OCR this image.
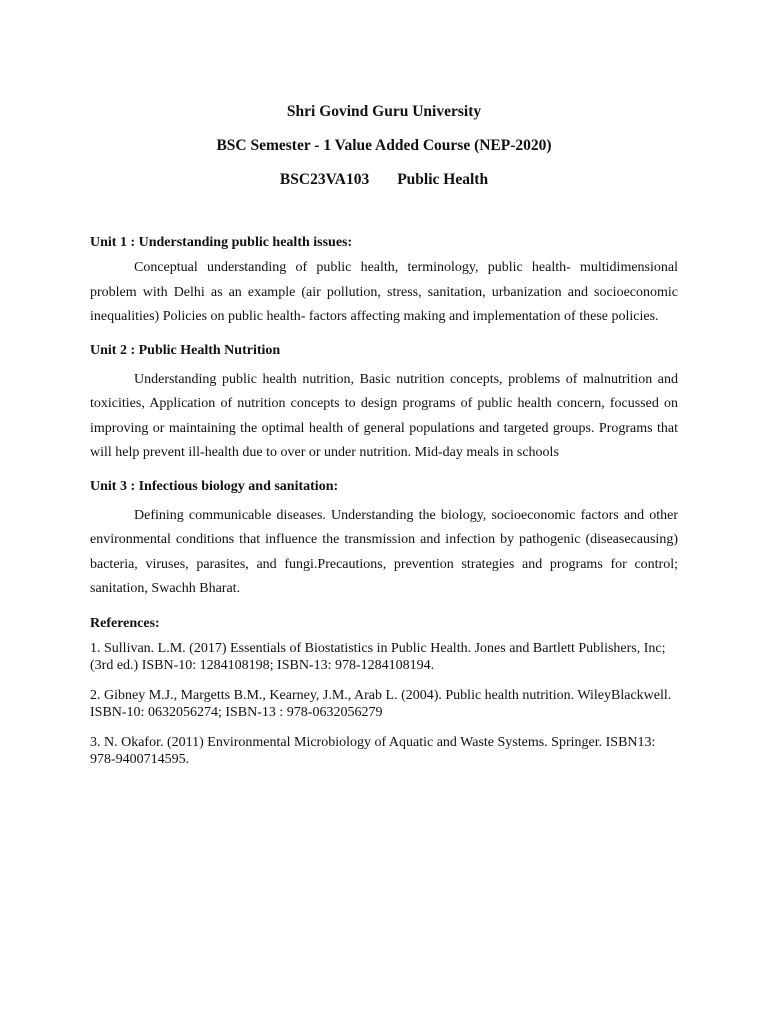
Shri Govind Guru University
BSC Semester - 1 Value Added Course (NEP-2020)
BSC23VA103 Public Health
Unit 1 : Understanding public health issues:

Conceptual understanding of public health, terminology, public health- multidimensional problem with Delhi as an example (air pollution, stress, sanitation, urbanization and socioeconomic inequalities) Policies on public health- factors affecting making and implementation of these policies.

Unit 2 : Public Health Nutrition

Understanding public health nutrition, Basic nutrition concepts, problems of malnutrition and toxicities, Application of nutrition concepts to design programs of public health concern, focussed on improving or maintaining the optimal health of general populations and targeted groups. Programs that will help prevent ill-health due to over or under nutrition. Mid-day meals in schools

Unit 3 : Infectious biology and sanitation:

Defining communicable diseases. Understanding the biology, socioeconomic factors and other environmental conditions that influence the transmission and infection by pathogenic (diseasecausing) bacteria, viruses, parasites, and fungi.Precautions, prevention strategies and programs for control; sanitation, Swachh Bharat.

References:

1. Sullivan. L.M. (2017) Essentials of Biostatistics in Public Health. Jones and Bartlett Publishers, Inc; (3rd ed.) ISBN-10: 1284108198; ISBN-13: 978-1284108194.

2. Gibney M.J., Margetts B.M., Kearney, J.M., Arab L. (2004). Public health nutrition. WileyBlackwell. ISBN-10: 0632056274; ISBN-13 : 978-0632056279

3. N. Okafor. (2011) Environmental Microbiology of Aquatic and Waste Systems. Springer. ISBN13: 978-9400714595.
